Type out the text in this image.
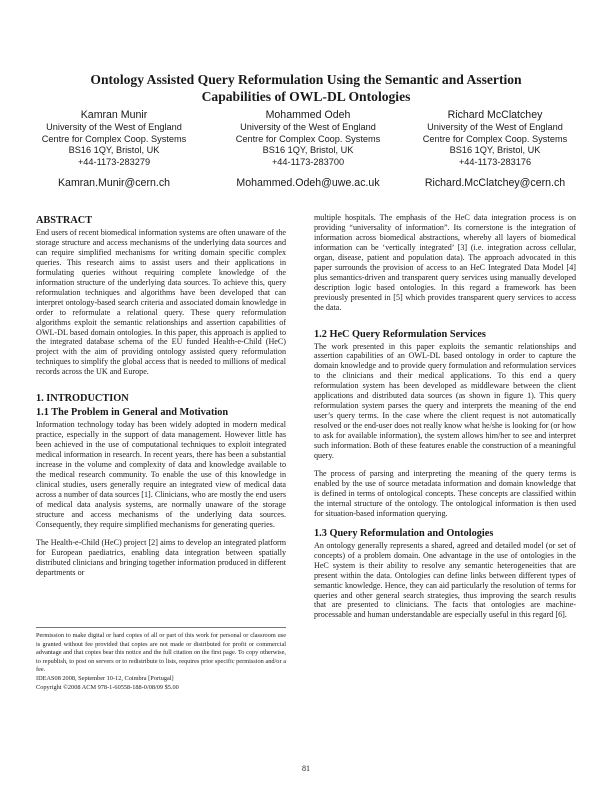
Ontology Assisted Query Reformulation Using the Semantic and Assertion Capabilities of OWL-DL Ontologies
Kamran Munir
University of the West of England
Centre for Complex Coop. Systems
BS16 1QY, Bristol, UK
+44-1173-283279
Kamran.Munir@cern.ch
Mohammed Odeh
University of the West of England
Centre for Complex Coop. Systems
BS16 1QY, Bristol, UK
+44-1173-283700
Mohammed.Odeh@uwe.ac.uk
Richard McClatchey
University of the West of England
Centre for Complex Coop. Systems
BS16 1QY, Bristol, UK
+44-1173-283176
Richard.McClatchey@cern.ch
ABSTRACT

End users of recent biomedical information systems are often unaware of the storage structure and access mechanisms of the underlying data sources and can require simplified mechanisms for writing domain specific complex queries. This research aims to assist users and their applications in formulating queries without requiring complete knowledge of the information structure of the underlying data sources. To achieve this, query reformulation techniques and algorithms have been developed that can interpret ontology-based search criteria and associated domain knowledge in order to reformulate a relational query. These query reformulation algorithms exploit the semantic relationships and assertion capabilities of OWL-DL based domain ontologies. In this paper, this approach is applied to the integrated database schema of the EU funded Health-e-Child (HeC) project with the aim of providing ontology assisted query reformulation techniques to simplify the global access that is needed to millions of medical records across the UK and Europe.

1. INTRODUCTION
1.1 The Problem in General and Motivation

Information technology today has been widely adopted in modern medical practice, especially in the support of data management. However little has been achieved in the use of computational techniques to exploit integrated medical information in research. In recent years, there has been a substantial increase in the volume and complexity of data and knowledge available to the medical research community. To enable the use of this knowledge in clinical studies, users generally require an integrated view of medical data across a number of data sources [1]. Clinicians, who are mostly the end users of medical data analysis systems, are normally unaware of the storage structure and access mechanisms of the underlying data sources. Consequently, they require simplified mechanisms for generating queries.

The Health-e-Child (HeC) project [2] aims to develop an integrated platform for European paediatrics, enabling data integration between spatially distributed clinicians and bringing together information produced in different departments or

Permission to make digital or hard copies of all or part of this work for personal or classroom use is granted without fee provided that copies are not made or distributed for profit or commercial advantage and that copies bear this notice and the full citation on the first page. To copy otherwise, to republish, to post on servers or to redistribute to lists, requires prior specific permission and/or a fee.
IDEAS08 2008, September 10-12, Coimbra [Portugal]
Copyright ©2008 ACM 978-1-60558-188-0/08/09 $5.00

multiple hospitals. The emphasis of the HeC data integration process is on providing “universality of information”. Its cornerstone is the integration of information across biomedical abstractions, whereby all layers of biomedical information can be ‘vertically integrated’ [3] (i.e. integration across cellular, organ, disease, patient and population data). The approach advocated in this paper surrounds the provision of access to an HeC Integrated Data Model [4] plus semantics-driven and transparent query services using manually developed description logic based ontologies. In this regard a framework has been previously presented in [5] which provides transparent query services to access the data.

1.2 HeC Query Reformulation Services

The work presented in this paper exploits the semantic relationships and assertion capabilities of an OWL-DL based ontology in order to capture the domain knowledge and to provide query formulation and reformulation services to the clinicians and their medical applications. To this end a query reformulation system has been developed as middleware between the client applications and distributed data sources (as shown in figure 1). This query reformulation system parses the query and interprets the meaning of the end user’s query terms. In the case where the client request is not automatically resolved or the end-user does not really know what he/she is looking for (or how to ask for available information), the system allows him/her to see and interpret such information. Both of these features enable the construction of a meaningful query.

The process of parsing and interpreting the meaning of the query terms is enabled by the use of source metadata information and domain knowledge that is defined in terms of ontological concepts. These concepts are classified within the internal structure of the ontology. The ontological information is then used for situation-based information querying.

1.3 Query Reformulation and Ontologies

An ontology generally represents a shared, agreed and detailed model (or set of concepts) of a problem domain. One advantage in the use of ontologies in the HeC system is their ability to resolve any semantic heterogeneities that are present within the data. Ontologies can define links between different types of semantic knowledge. Hence, they can aid particularly the resolution of terms for queries and other general search strategies, thus improving the search results that are presented to clinicians. The facts that ontologies are machine-processable and human understandable are especially useful in this regard [6].

81
